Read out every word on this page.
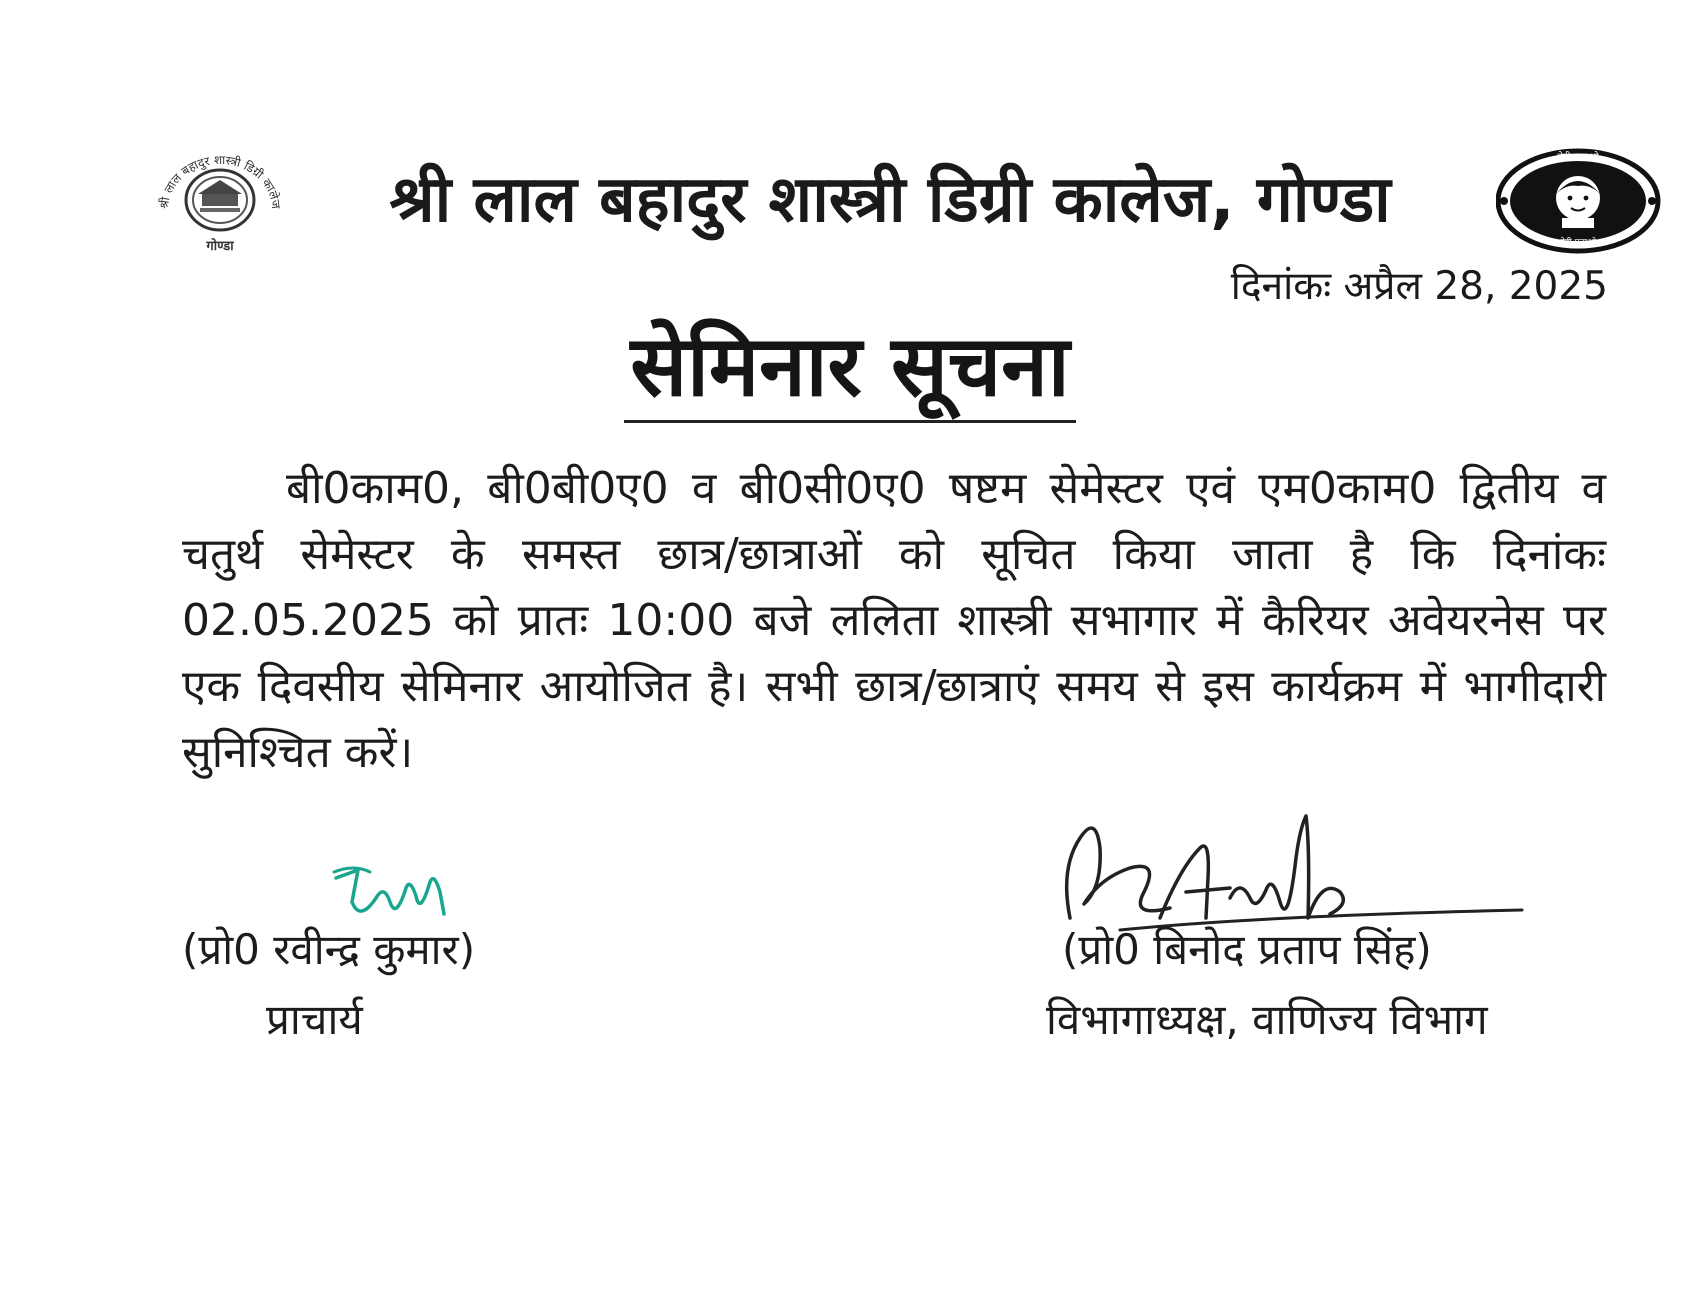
श्री लाल बहादुर शास्त्री डिग्री कालेज
गोण्डा
श्री लाल बहादुर शास्त्री डिग्री कालेज, गोण्डा
बेटी बचाओ
बेटी पढ़ाओ
दिनांकः अप्रैल 28, 2025
सेमिनार सूचना

बी0काम0, बी0बी0ए0 व बी0सी0ए0 षष्टम सेमेस्टर एवं एम0काम0 द्वितीय व चतुर्थ सेमेस्टर के समस्त छात्र/छात्राओं को सूचित किया जाता है कि दिनांकः 02.05.2025 को प्रातः 10:00 बजे ललिता शास्त्री सभागार में कैरियर अवेयरनेस पर एक दिवसीय सेमिनार आयोजित है। सभी छात्र/छात्राएं समय से इस कार्यक्रम में भागीदारी सुनिश्चित करें।

(प्रो0 रवीन्द्र कुमार)
प्राचार्य
(प्रो0 बिनोद प्रताप सिंह)
विभागाध्यक्ष, वाणिज्य विभाग
